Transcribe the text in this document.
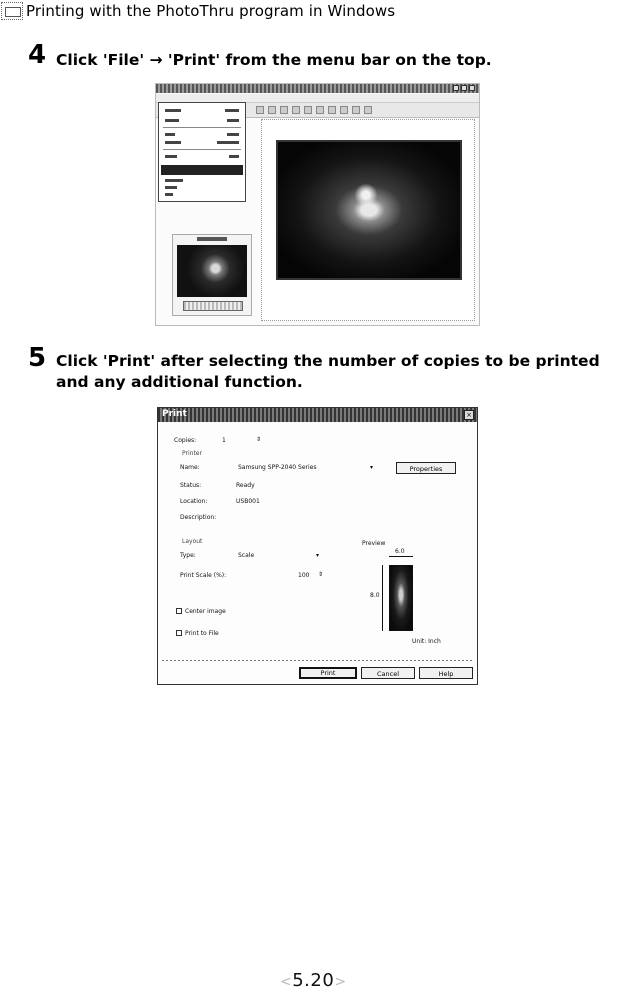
Printing with the PhotoThru program in Windows
4 Click 'File' → 'Print' from the menu bar on the top.
5 Click 'Print' after selecting the number of copies to be printed
and any additional function.
Print	×
Copies:	1	⇕
Printer
Name:	Samsung SPP-2040 Series	▾	Properties
Status:	Ready
Location:	USB001
Description:
Layout
Type:	Scale	▾
Print Scale (%):	100 ⇕
Center image
Print to File
Preview
6.0
8.0
Unit: Inch
Print	Cancel	Help
<5.20>
